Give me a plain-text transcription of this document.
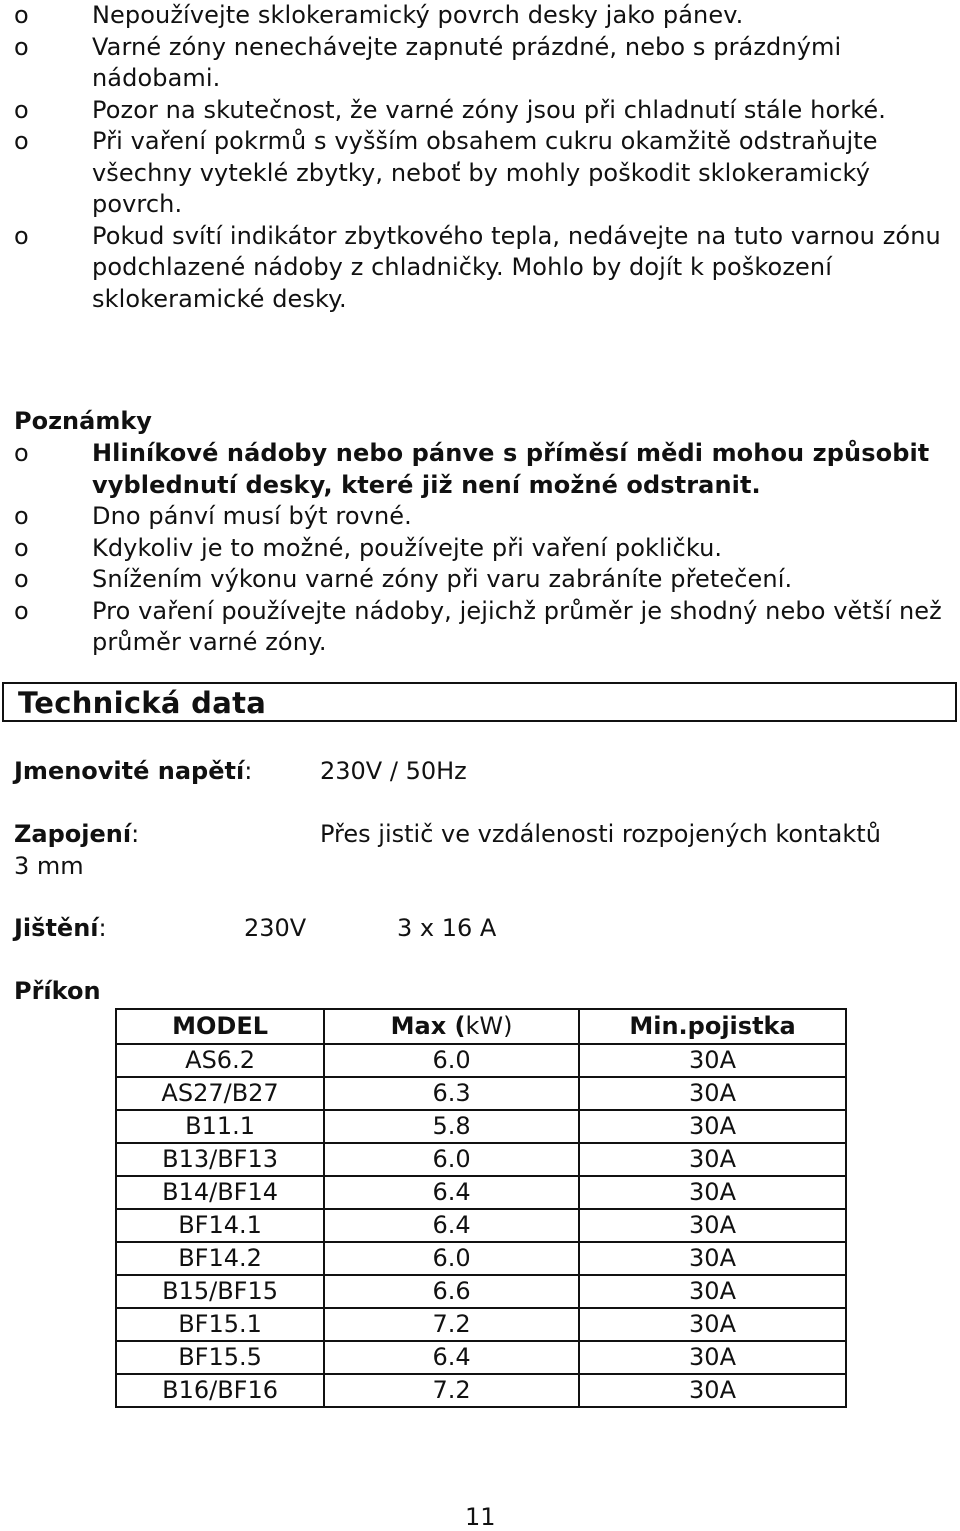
o	Nepoužívejte sklokeramický povrch desky jako pánev.
o	Varné zóny nenechávejte zapnuté prázdné, nebo s prázdnými nádobami.
o	Pozor na skutečnost, že varné zóny jsou při chladnutí stále horké.
o	Při vaření pokrmů s vyšším obsahem cukru okamžitě odstraňujte všechny vyteklé zbytky, neboť by mohly poškodit sklokeramický povrch.
o	Pokud svítí indikátor zbytkového tepla, nedávejte na tuto varnou zónu podchlazené nádoby z chladničky. Mohlo by dojít k poškození sklokeramické desky.
Poznámky
o	Hliníkové nádoby nebo pánve s příměsí mědi mohou způsobit vyblednutí desky, které již není možné odstranit.
o	Dno pánví musí být rovné.
o	Kdykoliv je to možné, používejte při vaření pokličku.
o	Snížením výkonu varné zóny při varu zabráníte přetečení.
o	Pro vaření používejte nádoby, jejichž průměr je shodný nebo větší než průměr varné zóny.
Technická data
Jmenovité napětí:	230V / 50Hz
Zapojení:	Přes jistič ve vzdálenosti rozpojených kontaktů
3 mm
Jištění:	230V	3 x 16 A
Příkon
MODEL	Max (kW)	Min.pojistka
AS6.2	6.0	30A
AS27/B27	6.3	30A
B11.1	5.8	30A
B13/BF13	6.0	30A
B14/BF14	6.4	30A
BF14.1	6.4	30A
BF14.2	6.0	30A
B15/BF15	6.6	30A
BF15.1	7.2	30A
BF15.5	6.4	30A
B16/BF16	7.2	30A
11
